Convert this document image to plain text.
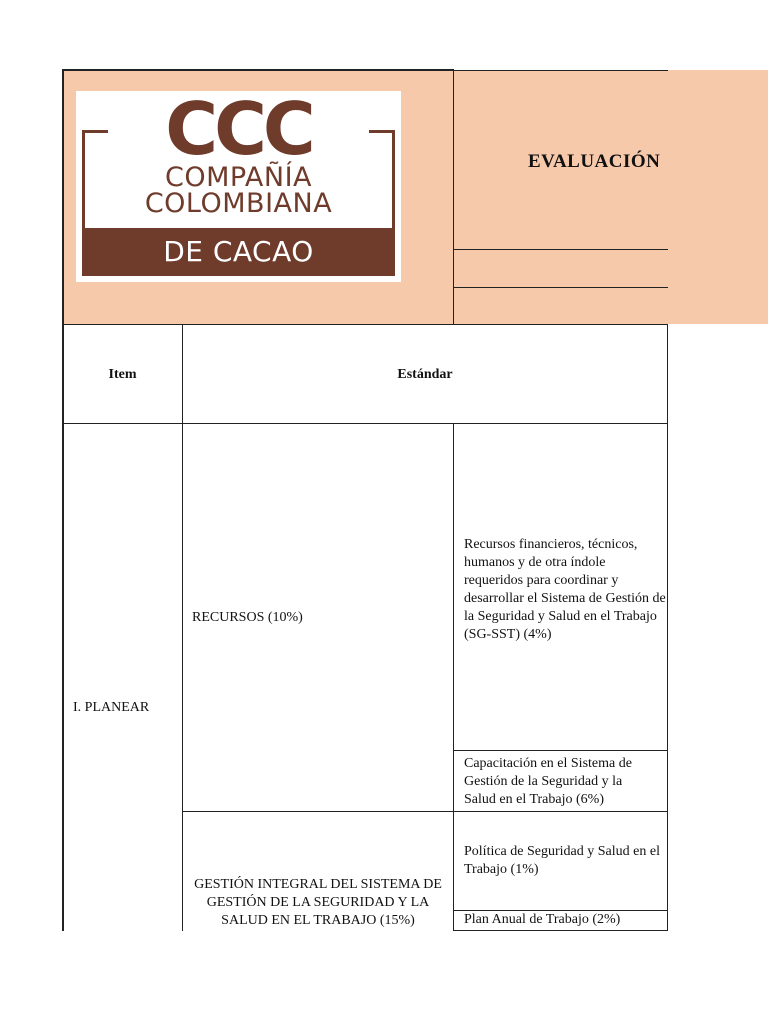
CCC
COMPAÑÍA
COLOMBIANA
DE CACAO
EVALUACIÓN
Item	Estándar
I. PLANEAR
RECURSOS (10%)
Recursos financieros, técnicos, humanos y de otra índole requeridos para coordinar y desarrollar el Sistema de Gestión de la Seguridad y Salud en el Trabajo (SG-SST) (4%)
Capacitación en el Sistema de Gestión de la Seguridad y la Salud en el Trabajo (6%)
GESTIÓN INTEGRAL DEL SISTEMA DE GESTIÓN DE LA SEGURIDAD Y LA SALUD EN EL TRABAJO (15%)
Política de Seguridad y Salud en el Trabajo (1%)
Plan Anual de Trabajo (2%)
